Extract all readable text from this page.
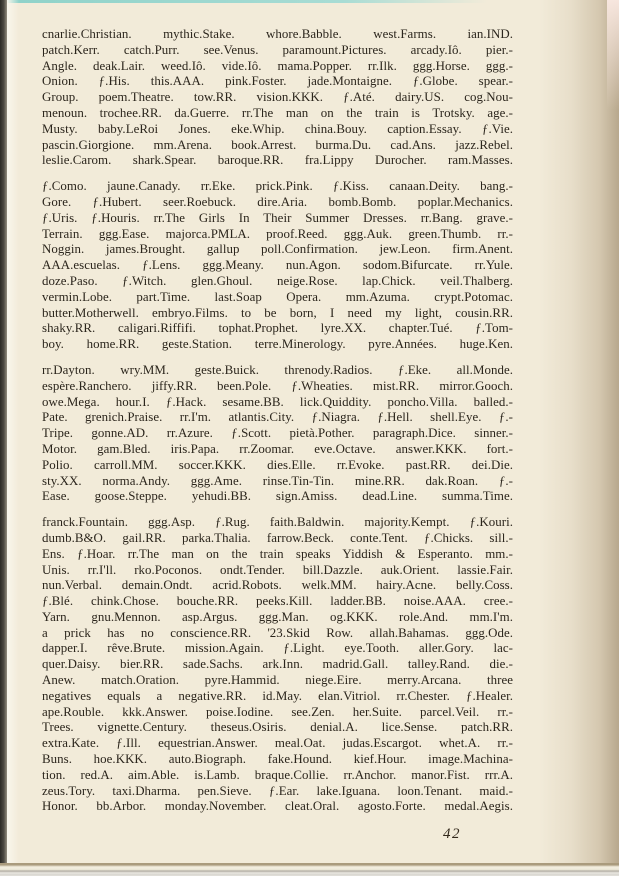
cnarlie.Christian. mythic.Stake. whore.Babble. west.Farms. ian.IND.
patch.Kerr. catch.Purr. see.Venus. paramount.Pictures. arcady.Iô. pier.-
Angle. deak.Lair. weed.Iô. vide.Iô. mama.Popper. rr.Ilk. ggg.Horse. ggg.-
Onion. ƒ.His. this.AAA. pink.Foster. jade.Montaigne. ƒ.Globe. spear.-
Group. poem.Theatre. tow.RR. vision.KKK. ƒ.Até. dairy.US. cog.Nou-
menoun. trochee.RR. da.Guerre. rr.The man on the train is Trotsky. age.-
Musty. baby.LeRoi Jones. eke.Whip. china.Bouy. caption.Essay. ƒ.Vie.
pascin.Giorgione. mm.Arena. book.Arrest. burma.Du. cad.Ans. jazz.Rebel.
leslie.Carom. shark.Spear. baroque.RR. fra.Lippy Durocher. ram.Masses.
ƒ.Como. jaune.Canady. rr.Eke. prick.Pink. ƒ.Kiss. canaan.Deity. bang.-
Gore. ƒ.Hubert. seer.Roebuck. dire.Aria. bomb.Bomb. poplar.Mechanics.
ƒ.Uris. ƒ.Houris. rr.The Girls In Their Summer Dresses. rr.Bang. grave.-
Terrain. ggg.Ease. majorca.PMLA. proof.Reed. ggg.Auk. green.Thumb. rr.-
Noggin. james.Brought. gallup poll.Confirmation. jew.Leon. firm.Anent.
AAA.escuelas. ƒ.Lens. ggg.Meany. nun.Agon. sodom.Bifurcate. rr.Yule.
doze.Paso. ƒ.Witch. glen.Ghoul. neige.Rose. lap.Chick. veil.Thalberg.
vermin.Lobe. part.Time. last.Soap Opera. mm.Azuma. crypt.Potomac.
butter.Motherwell. embryo.Films. to be born, I need my light, cousin.RR.
shaky.RR. caligari.Riffifi. tophat.Prophet. lyre.XX. chapter.Tué. ƒ.Tom-
boy. home.RR. geste.Station. terre.Minerology. pyre.Années. huge.Ken.
rr.Dayton. wry.MM. geste.Buick. threnody.Radios. ƒ.Eke. all.Monde.
espère.Ranchero. jiffy.RR. been.Pole. ƒ.Wheaties. mist.RR. mirror.Gooch.
owe.Mega. hour.I. ƒ.Hack. sesame.BB. lick.Quiddity. poncho.Villa. balled.-
Pate. grenich.Praise. rr.I'm. atlantis.City. ƒ.Niagra. ƒ.Hell. shell.Eye. ƒ.-
Tripe. gonne.AD. rr.Azure. ƒ.Scott. pietà.Pother. paragraph.Dice. sinner.-
Motor. gam.Bled. iris.Papa. rr.Zoomar. eve.Octave. answer.KKK. fort.-
Polio. carroll.MM. soccer.KKK. dies.Elle. rr.Evoke. past.RR. dei.Die.
sty.XX. norma.Andy. ggg.Ame. rinse.Tin-Tin. mine.RR. dak.Roan. ƒ.-
Ease. goose.Steppe. yehudi.BB. sign.Amiss. dead.Line. summa.Time.
franck.Fountain. ggg.Asp. ƒ.Rug. faith.Baldwin. majority.Kempt. ƒ.Kouri.
dumb.B&O. gail.RR. parka.Thalia. farrow.Beck. conte.Tent. ƒ.Chicks. sill.-
Ens. ƒ.Hoar. rr.The man on the train speaks Yiddish & Esperanto. mm.-
Unis. rr.I'll. rko.Poconos. ondt.Tender. bill.Dazzle. auk.Orient. lassie.Fair.
nun.Verbal. demain.Ondt. acrid.Robots. welk.MM. hairy.Acne. belly.Coss.
ƒ.Blé. chink.Chose. bouche.RR. peeks.Kill. ladder.BB. noise.AAA. cree.-
Yarn. gnu.Mennon. asp.Argus. ggg.Man. og.KKK. role.And. mm.I'm.
a prick has no conscience.RR. '23.Skid Row. allah.Bahamas. ggg.Ode.
dapper.I. rêve.Brute. mission.Again. ƒ.Light. eye.Tooth. aller.Gory. lac-
quer.Daisy. bier.RR. sade.Sachs. ark.Inn. madrid.Gall. talley.Rand. die.-
Anew. match.Oration. pyre.Hammid. niege.Eire. merry.Arcana. three
negatives equals a negative.RR. id.May. elan.Vitriol. rr.Chester. ƒ.Healer.
ape.Rouble. kkk.Answer. poise.Iodine. see.Zen. her.Suite. parcel.Veil. rr.-
Trees. vignette.Century. theseus.Osiris. denial.A. lice.Sense. patch.RR.
extra.Kate. ƒ.Ill. equestrian.Answer. meal.Oat. judas.Escargot. whet.A. rr.-
Buns. hoe.KKK. auto.Biograph. fake.Hound. kief.Hour. image.Machina-
tion. red.A. aim.Able. is.Lamb. braque.Collie. rr.Anchor. manor.Fist. rrr.A.
zeus.Tory. taxi.Dharma. pen.Sieve. ƒ.Ear. lake.Iguana. loon.Tenant. maid.-
Honor. bb.Arbor. monday.November. cleat.Oral. agosto.Forte. medal.Aegis.
42
